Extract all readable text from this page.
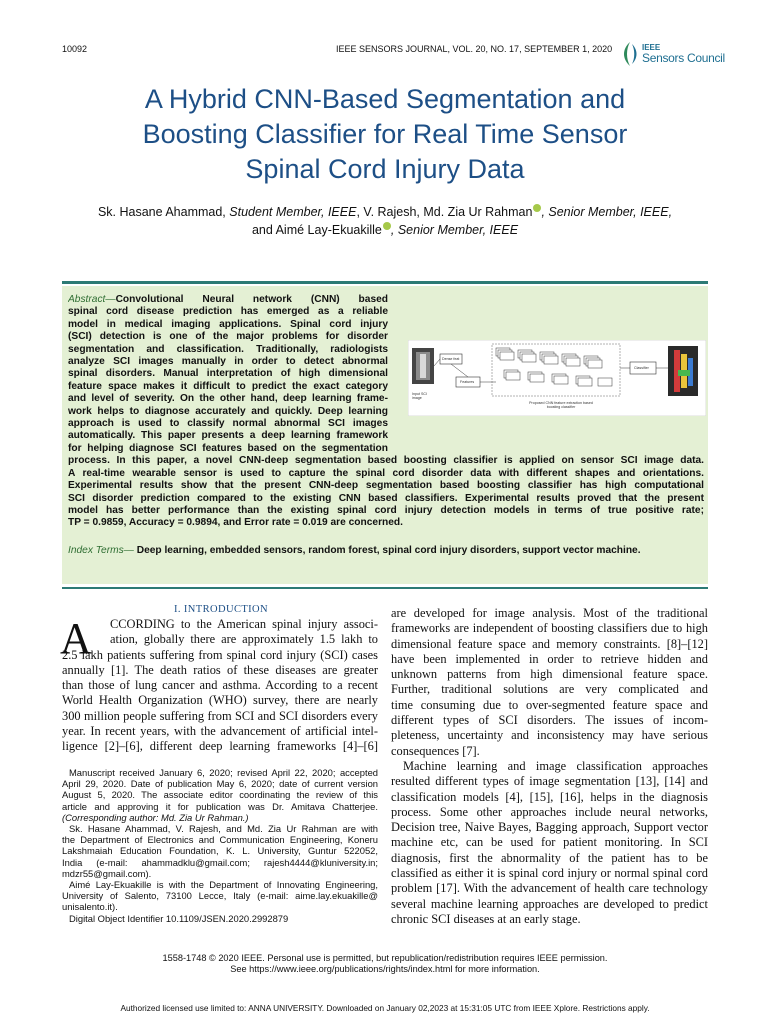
10092	IEEE SENSORS JOURNAL, VOL. 20, NO. 17, SEPTEMBER 1, 2020	IEEE
Sensors Council
A Hybrid CNN-Based Segmentation and
Boosting Classifier for Real Time Sensor
Spinal Cord Injury Data
Sk. Hasane Ahammad, Student Member, IEEE, V. Rajesh, Md. Zia Ur Rahman , Senior Member, IEEE,
and Aimé Lay-Ekuakille , Senior Member, IEEE
Abstract—Convolutional Neural network (CNN) based
spinal cord disease prediction has emerged as a reliable
model in medical imaging applications. Spinal cord injury
(SCI) detection is one of the major problems for disorder
segmentation and classification. Traditionally, radiologists
analyze SCI images manually in order to detect abnormal
spinal disorders. Manual interpretation of high dimensional
feature space makes it difficult to predict the exact category
and level of severity. On the other hand, deep learning frame-
work helps to diagnose accurately and quickly. Deep learning
approach is used to classify normal abnormal SCI images
automatically. This paper presents a deep learning framework
for helping diagnose SCI features based on the segmentation
process. In this paper, a novel CNN-deep segmentation based boosting classifier is applied on sensor SCI image data.
A real-time wearable sensor is used to capture the spinal cord disorder data with different shapes and orientations.
Experimental results show that the present CNN-deep segmentation based boosting classifier has high computational
SCI disorder prediction compared to the existing CNN based classifiers. Experimental results proved that the present
model has better performance than the existing spinal cord injury detection models in terms of true positive rate;
TP = 0.9859, Accuracy = 0.9894, and Error rate = 0.019 are concerned.
Index Terms— Deep learning, embedded sensors, random forest, spinal cord injury disorders, support vector machine.
Input SCI image
Dense feat
Features
Classifier
Proposed CNN feature extraction based boosting classifier
I. INTRODUCTION
A	CCORDING to the American spinal injury associ-
ation, globally there are approximately 1.5 lakh to
2.5 lakh patients suffering from spinal cord injury (SCI) cases
annually [1]. The death ratios of these diseases are greater
than those of lung cancer and asthma. According to a recent
World Health Organization (WHO) survey, there are nearly
300 million people suffering from SCI and SCI disorders every
year. In recent years, with the advancement of artificial intel-
ligence [2]–[6], different deep learning frameworks [4]–[6]
Manuscript received January 6, 2020; revised April 22, 2020; accepted
April 29, 2020. Date of publication May 6, 2020; date of current version
August 5, 2020. The associate editor coordinating the review of this
article and approving it for publication was Dr. Amitava Chatterjee.
(Corresponding author: Md. Zia Ur Rahman.)
Sk. Hasane Ahammad, V. Rajesh, and Md. Zia Ur Rahman are with
the Department of Electronics and Communication Engineering, Koneru
Lakshmaiah Education Foundation, K. L. University, Guntur 522052,
India (e-mail: ahammadklu@gmail.com; rajesh4444@kluniversity.in;
mdzr55@gmail.com).
Aimé Lay-Ekuakille is with the Department of Innovating Engineering,
University of Salento, 73100 Lecce, Italy (e-mail: aime.lay.ekuakille@
unisalento.it).
Digital Object Identifier 10.1109/JSEN.2020.2992879
are developed for image analysis. Most of the traditional
frameworks are independent of boosting classifiers due to high
dimensional feature space and memory constraints. [8]–[12]
have been implemented in order to retrieve hidden and
unknown patterns from high dimensional feature space.
Further, traditional solutions are very complicated and
time consuming due to over-segmented feature space and
different types of SCI disorders. The issues of incom-
pleteness, uncertainty and inconsistency may have serious
consequences [7].
Machine learning and image classification approaches
resulted different types of image segmentation [13], [14] and
classification models [4], [15], [16], helps in the diagnosis
process. Some other approaches include neural networks,
Decision tree, Naive Bayes, Bagging approach, Support vector
machine etc, can be used for patient monitoring. In SCI
diagnosis, first the abnormality of the patient has to be
classified as either it is spinal cord injury or normal spinal cord
problem [17]. With the advancement of health care technology
several machine learning approaches are developed to predict
chronic SCI diseases at an early stage.
1558-1748 © 2020 IEEE. Personal use is permitted, but republication/redistribution requires IEEE permission.
See https://www.ieee.org/publications/rights/index.html for more information.
Authorized licensed use limited to: ANNA UNIVERSITY. Downloaded on January 02,2023 at 15:31:05 UTC from IEEE Xplore. Restrictions apply.
